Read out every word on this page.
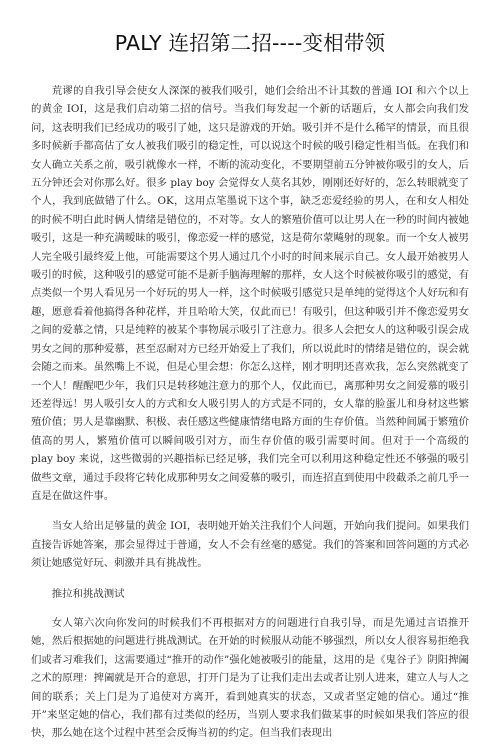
PALY 连招第二招----变相带领

荒谬的自我引导会使女人深深的被我们吸引，她们会给出不计其数的普通 IOI 和六个以上的黄金 IOI，这是我们启动第二招的信号。当我们每发起一个新的话题后，女人都会向我们发问，这表明我们已经成功的吸引了她，这只是游戏的开始。吸引并不是什么稀罕的情景，而且很多时候新手都高估了女人被我们吸引的稳定性，可以说这个时候的吸引稳定性相当低。在我们和女人确立关系之前，吸引就像水一样，不断的流动变化，不要期望前五分钟被你吸引的女人，后五分钟还会对你那么好。很多 play boy 会觉得女人莫名其妙，刚刚还好好的，怎么转眼就变了个人，我到底做错了什么。OK，这用点笔墨说下这个事，缺乏恋爱经验的男人，在和女人相处的时候不明白此时俩人情绪是错位的，不对等。女人的繁殖价值可以让男人在一秒的时间内被她吸引，这是一种充满暧昧的吸引，像恋爱一样的感觉，这是荷尔蒙飚射的现象。而一个女人被男人完全吸引最终爱上他，可能需要这个男人通过几个小时的时间来展示自己。女人最开始被男人吸引的时候，这种吸引的感觉可能不是新手脑海理解的那样，女人这个时候被你吸引的感觉，有点类似一个男人看见另一个好玩的男人一样，这个时候吸引感觉只是单纯的觉得这个人好玩和有趣，愿意看着他搞得各种花样，并且哈哈大笑，仅此而已！有吸引，但这种吸引并不像恋爱男女之间的爱慕之情，只是纯粹的被某个事物展示吸引了注意力。很多人会把女人的这种吸引误会成男女之间的那种爱慕，甚至忍耐对方已经开始爱上了我们，所以说此时的情绪是错位的，误会就会随之而来。虽然嘴上不说，但是心里会想：你怎么这样，刚才明明还喜欢我，怎么突然就变了一个人！醒醒吧少年，我们只是转移她注意力的那个人，仅此而已，离那种男女之间爱慕的吸引还差得远！男人吸引女人的方式和女人吸引男人的方式是不同的，女人靠的脸蛋儿和身材这些繁殖价值；男人是靠幽默、积极、表任感这些健康情绪电路方面的生存价值。当然种间属于繁殖价值高的男人，繁殖价值可以瞬间吸引对方，而生存价值的吸引需要时间。但对于一个高级的 play boy 来说，这些微弱的兴趣指标已经足够，我们完全可以利用这种稳定性还不够强的吸引做些文章，通过手段将它转化成那种男女之间爱慕的吸引，而连招直到使用中段截杀之前几乎一直是在做这件事。

当女人给出足够量的黄金 IOI，表明她开始关注我们个人问题，开始向我们提问。如果我们直接告诉她答案，那会显得过于普通，女人不会有丝毫的感觉。我们的答案和回答问题的方式必须让她感觉好玩、刺激并具有挑战性。

推拉和挑战测试

女人第六次向你发问的时候我们不再根据对方的问题进行自我引导，而是先通过言语推开她，然后根据她的问题进行挑战测试。在开始的时候服从动能不够强烈，所以女人很容易拒绝我们或者习难我们，这需要通过“推开的动作”强化她被吸引的能量，这用的是《鬼谷子》阴阳捭阖之术的原理：捭阖就是开合的意思，打开门是为了让我们走出去或者让别人进来，建立人与人之间的联系；关上门是为了追使对方离开，看到她真实的状态，又或者坚定她的信心。通过“推开”来坚定她的信心，我们都有过类似的经历，当别人要求我们做某事的时候如果我们答应的很快，那么她在这个过程中甚至会反悔当初的约定。但当我们表现出
